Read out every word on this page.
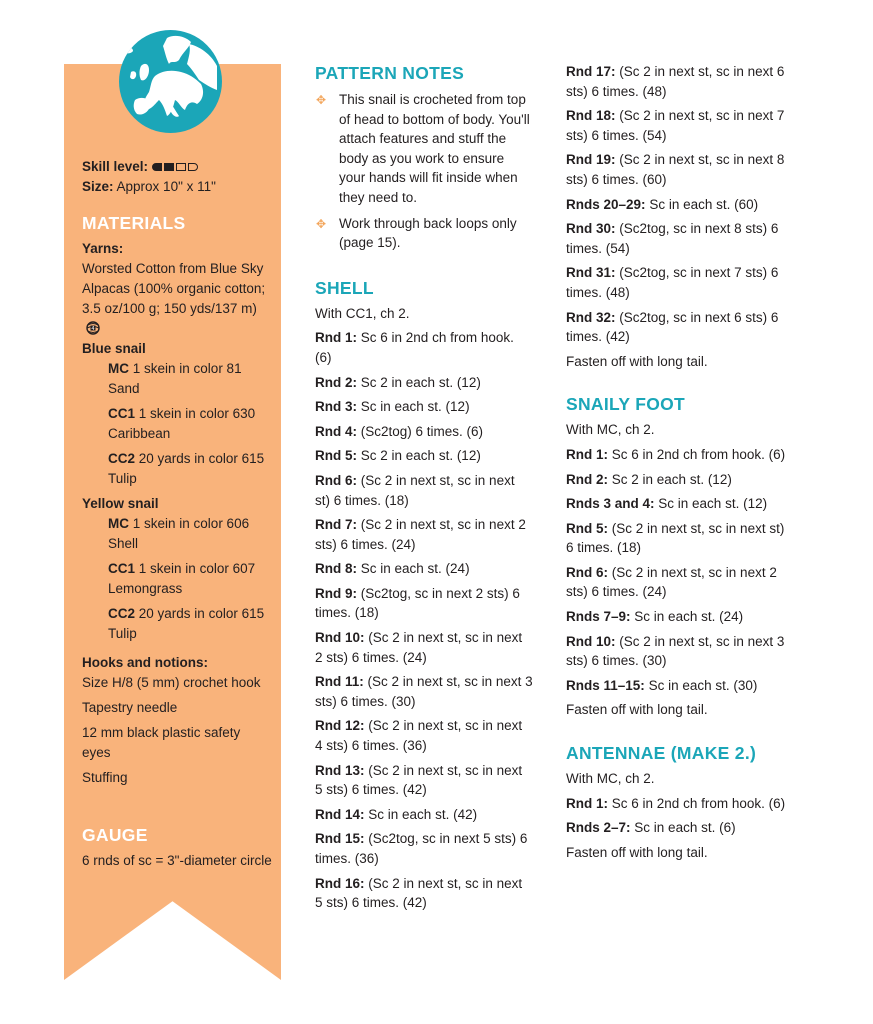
Skill level:
Size: Approx 10" x 11"
MATERIALS
Yarns:
Worsted Cotton from Blue Sky Alpacas (100% organic cotton; 3.5 oz/100 g; 150 yds/137 m)
4
Blue snail
MC 1 skein in color 81 Sand
CC1 1 skein in color 630 Caribbean
CC2 20 yards in color 615 Tulip
Yellow snail
MC 1 skein in color 606 Shell
CC1 1 skein in color 607 Lemongrass
CC2 20 yards in color 615 Tulip
Hooks and notions:
Size H/8 (5 mm) crochet hook
Tapestry needle
12 mm black plastic safety eyes
Stuffing
GAUGE
6 rnds of sc = 3"-diameter circle
PATTERN NOTES
✥ This snail is crocheted from top of head to bottom of body. You'll attach features and stuff the body as you work to ensure your hands will fit inside when they need to.
✥ Work through back loops only (page 15).
SHELL
With CC1, ch 2.
Rnd 1: Sc 6 in 2nd ch from hook. (6)
Rnd 2: Sc 2 in each st. (12)
Rnd 3: Sc in each st. (12)
Rnd 4: (Sc2tog) 6 times. (6)
Rnd 5: Sc 2 in each st. (12)
Rnd 6: (Sc 2 in next st, sc in next st) 6 times. (18)
Rnd 7: (Sc 2 in next st, sc in next 2 sts) 6 times. (24)
Rnd 8: Sc in each st. (24)
Rnd 9: (Sc2tog, sc in next 2 sts) 6 times. (18)
Rnd 10: (Sc 2 in next st, sc in next 2 sts) 6 times. (24)
Rnd 11: (Sc 2 in next st, sc in next 3 sts) 6 times. (30)
Rnd 12: (Sc 2 in next st, sc in next 4 sts) 6 times. (36)
Rnd 13: (Sc 2 in next st, sc in next 5 sts) 6 times. (42)
Rnd 14: Sc in each st. (42)
Rnd 15: (Sc2tog, sc in next 5 sts) 6 times. (36)
Rnd 16: (Sc 2 in next st, sc in next 5 sts) 6 times. (42)
Rnd 17: (Sc 2 in next st, sc in next 6 sts) 6 times. (48)
Rnd 18: (Sc 2 in next st, sc in next 7 sts) 6 times. (54)
Rnd 19: (Sc 2 in next st, sc in next 8 sts) 6 times. (60)
Rnds 20–29: Sc in each st. (60)
Rnd 30: (Sc2tog, sc in next 8 sts) 6 times. (54)
Rnd 31: (Sc2tog, sc in next 7 sts) 6 times. (48)
Rnd 32: (Sc2tog, sc in next 6 sts) 6 times. (42)
Fasten off with long tail.
SNAILY FOOT
With MC, ch 2.
Rnd 1: Sc 6 in 2nd ch from hook. (6)
Rnd 2: Sc 2 in each st. (12)
Rnds 3 and 4: Sc in each st. (12)
Rnd 5: (Sc 2 in next st, sc in next st) 6 times. (18)
Rnd 6: (Sc 2 in next st, sc in next 2 sts) 6 times. (24)
Rnds 7–9: Sc in each st. (24)
Rnd 10: (Sc 2 in next st, sc in next 3 sts) 6 times. (30)
Rnds 11–15: Sc in each st. (30)
Fasten off with long tail.
ANTENNAE (MAKE 2.)
With MC, ch 2.
Rnd 1: Sc 6 in 2nd ch from hook. (6)
Rnds 2–7: Sc in each st. (6)
Fasten off with long tail.
